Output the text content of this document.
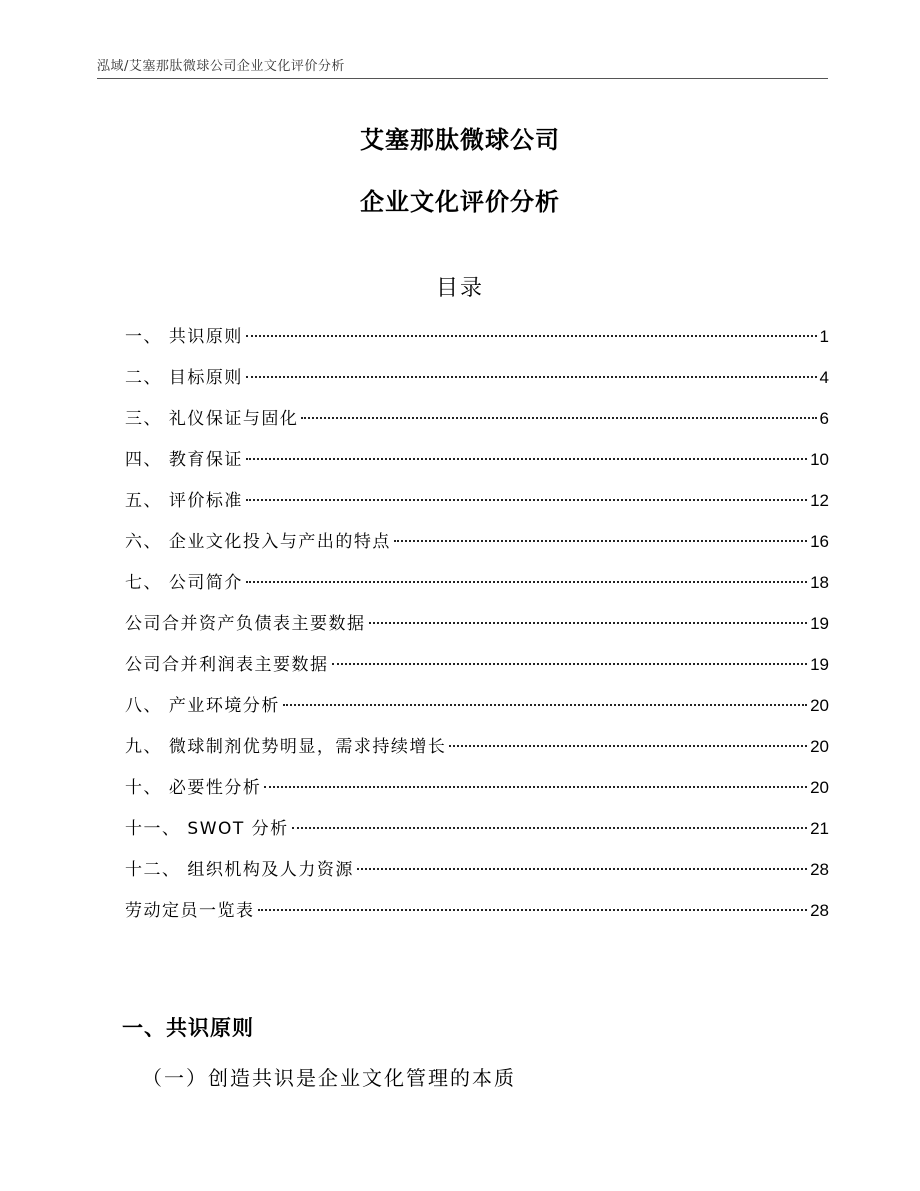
泓域/艾塞那肽微球公司企业文化评价分析
艾塞那肽微球公司
企业文化评价分析
目录
一、 共识原则	1
二、 目标原则	4
三、 礼仪保证与固化	6
四、 教育保证	10
五、 评价标准	12
六、 企业文化投入与产出的特点	16
七、 公司简介	18
公司合并资产负债表主要数据	19
公司合并利润表主要数据	19
八、 产业环境分析	20
九、 微球制剂优势明显，需求持续增长	20
十、 必要性分析	20
十一、 SWOT 分析	21
十二、 组织机构及人力资源	28
劳动定员一览表	28
一、共识原则
（一）创造共识是企业文化管理的本质
